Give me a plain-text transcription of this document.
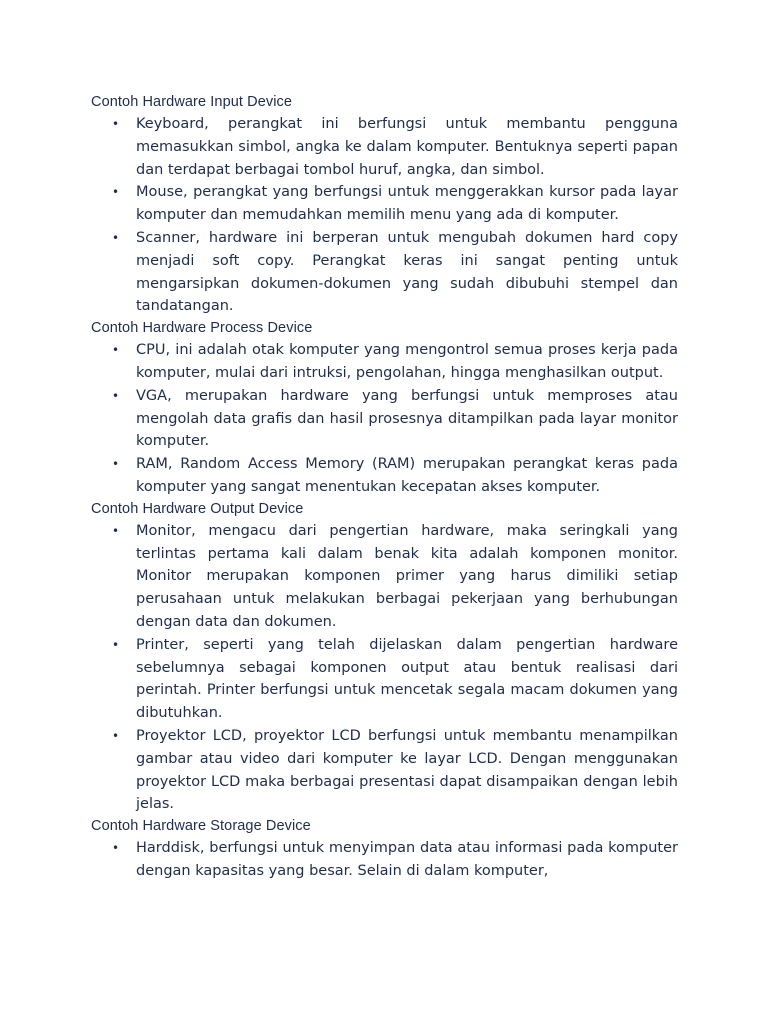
Contoh Hardware Input Device
• Keyboard, perangkat ini berfungsi untuk membantu pengguna memasukkan simbol, angka ke dalam komputer. Bentuknya seperti papan dan terdapat berbagai tombol huruf, angka, dan simbol.
• Mouse, perangkat yang berfungsi untuk menggerakkan kursor pada layar komputer dan memudahkan memilih menu yang ada di komputer.
• Scanner, hardware ini berperan untuk mengubah dokumen hard copy menjadi soft copy. Perangkat keras ini sangat penting untuk mengarsipkan dokumen-dokumen yang sudah dibubuhi stempel dan tandatangan.
Contoh Hardware Process Device
• CPU, ini adalah otak komputer yang mengontrol semua proses kerja pada komputer, mulai dari intruksi, pengolahan, hingga menghasilkan output.
• VGA, merupakan hardware yang berfungsi untuk memproses atau mengolah data grafis dan hasil prosesnya ditampilkan pada layar monitor komputer.
• RAM, Random Access Memory (RAM) merupakan perangkat keras pada komputer yang sangat menentukan kecepatan akses komputer.
Contoh Hardware Output Device
• Monitor, mengacu dari pengertian hardware, maka seringkali yang terlintas pertama kali dalam benak kita adalah komponen monitor. Monitor merupakan komponen primer yang harus dimiliki setiap perusahaan untuk melakukan berbagai pekerjaan yang berhubungan dengan data dan dokumen.
• Printer, seperti yang telah dijelaskan dalam pengertian hardware sebelumnya sebagai komponen output atau bentuk realisasi dari perintah. Printer berfungsi untuk mencetak segala macam dokumen yang dibutuhkan.
• Proyektor LCD, proyektor LCD berfungsi untuk membantu menampilkan gambar atau video dari komputer ke layar LCD. Dengan menggunakan proyektor LCD maka berbagai presentasi dapat disampaikan dengan lebih jelas.
Contoh Hardware Storage Device
• Harddisk, berfungsi untuk menyimpan data atau informasi pada komputer dengan kapasitas yang besar. Selain di dalam komputer,
